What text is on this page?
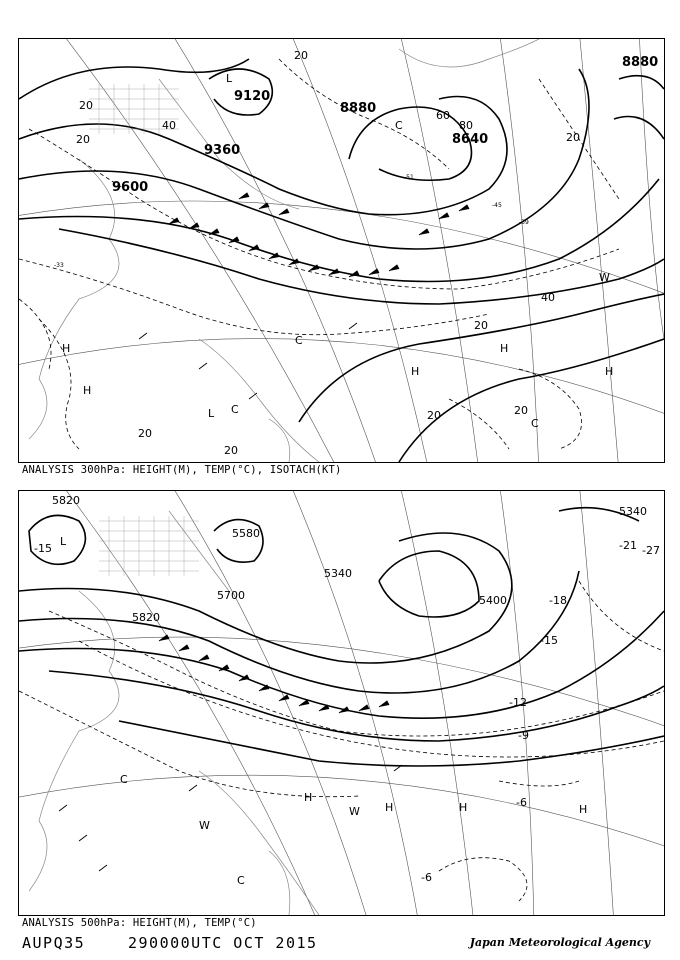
8880
8880
8640
9120
9360
9600
20
40
60
80
20
40
20
20
20	20
20
20
20
-33
-39
-45
-51
L
L
H
H
H
H
H
C
C
C
C
W
ANALYSIS 300hPa: HEIGHT(M), TEMP(°C), ISOTACH(KT)
5820
5580
5340
5340
5700
5820
5400
-15
-18
-15
-12
-9
-6
-6
-21 -27
L
H
H	H	H
C
C
W
W
ANALYSIS 500hPa: HEIGHT(M), TEMP(°C)
AUPQ35	290000UTC OCT 2015	Japan Meteorological Agency
